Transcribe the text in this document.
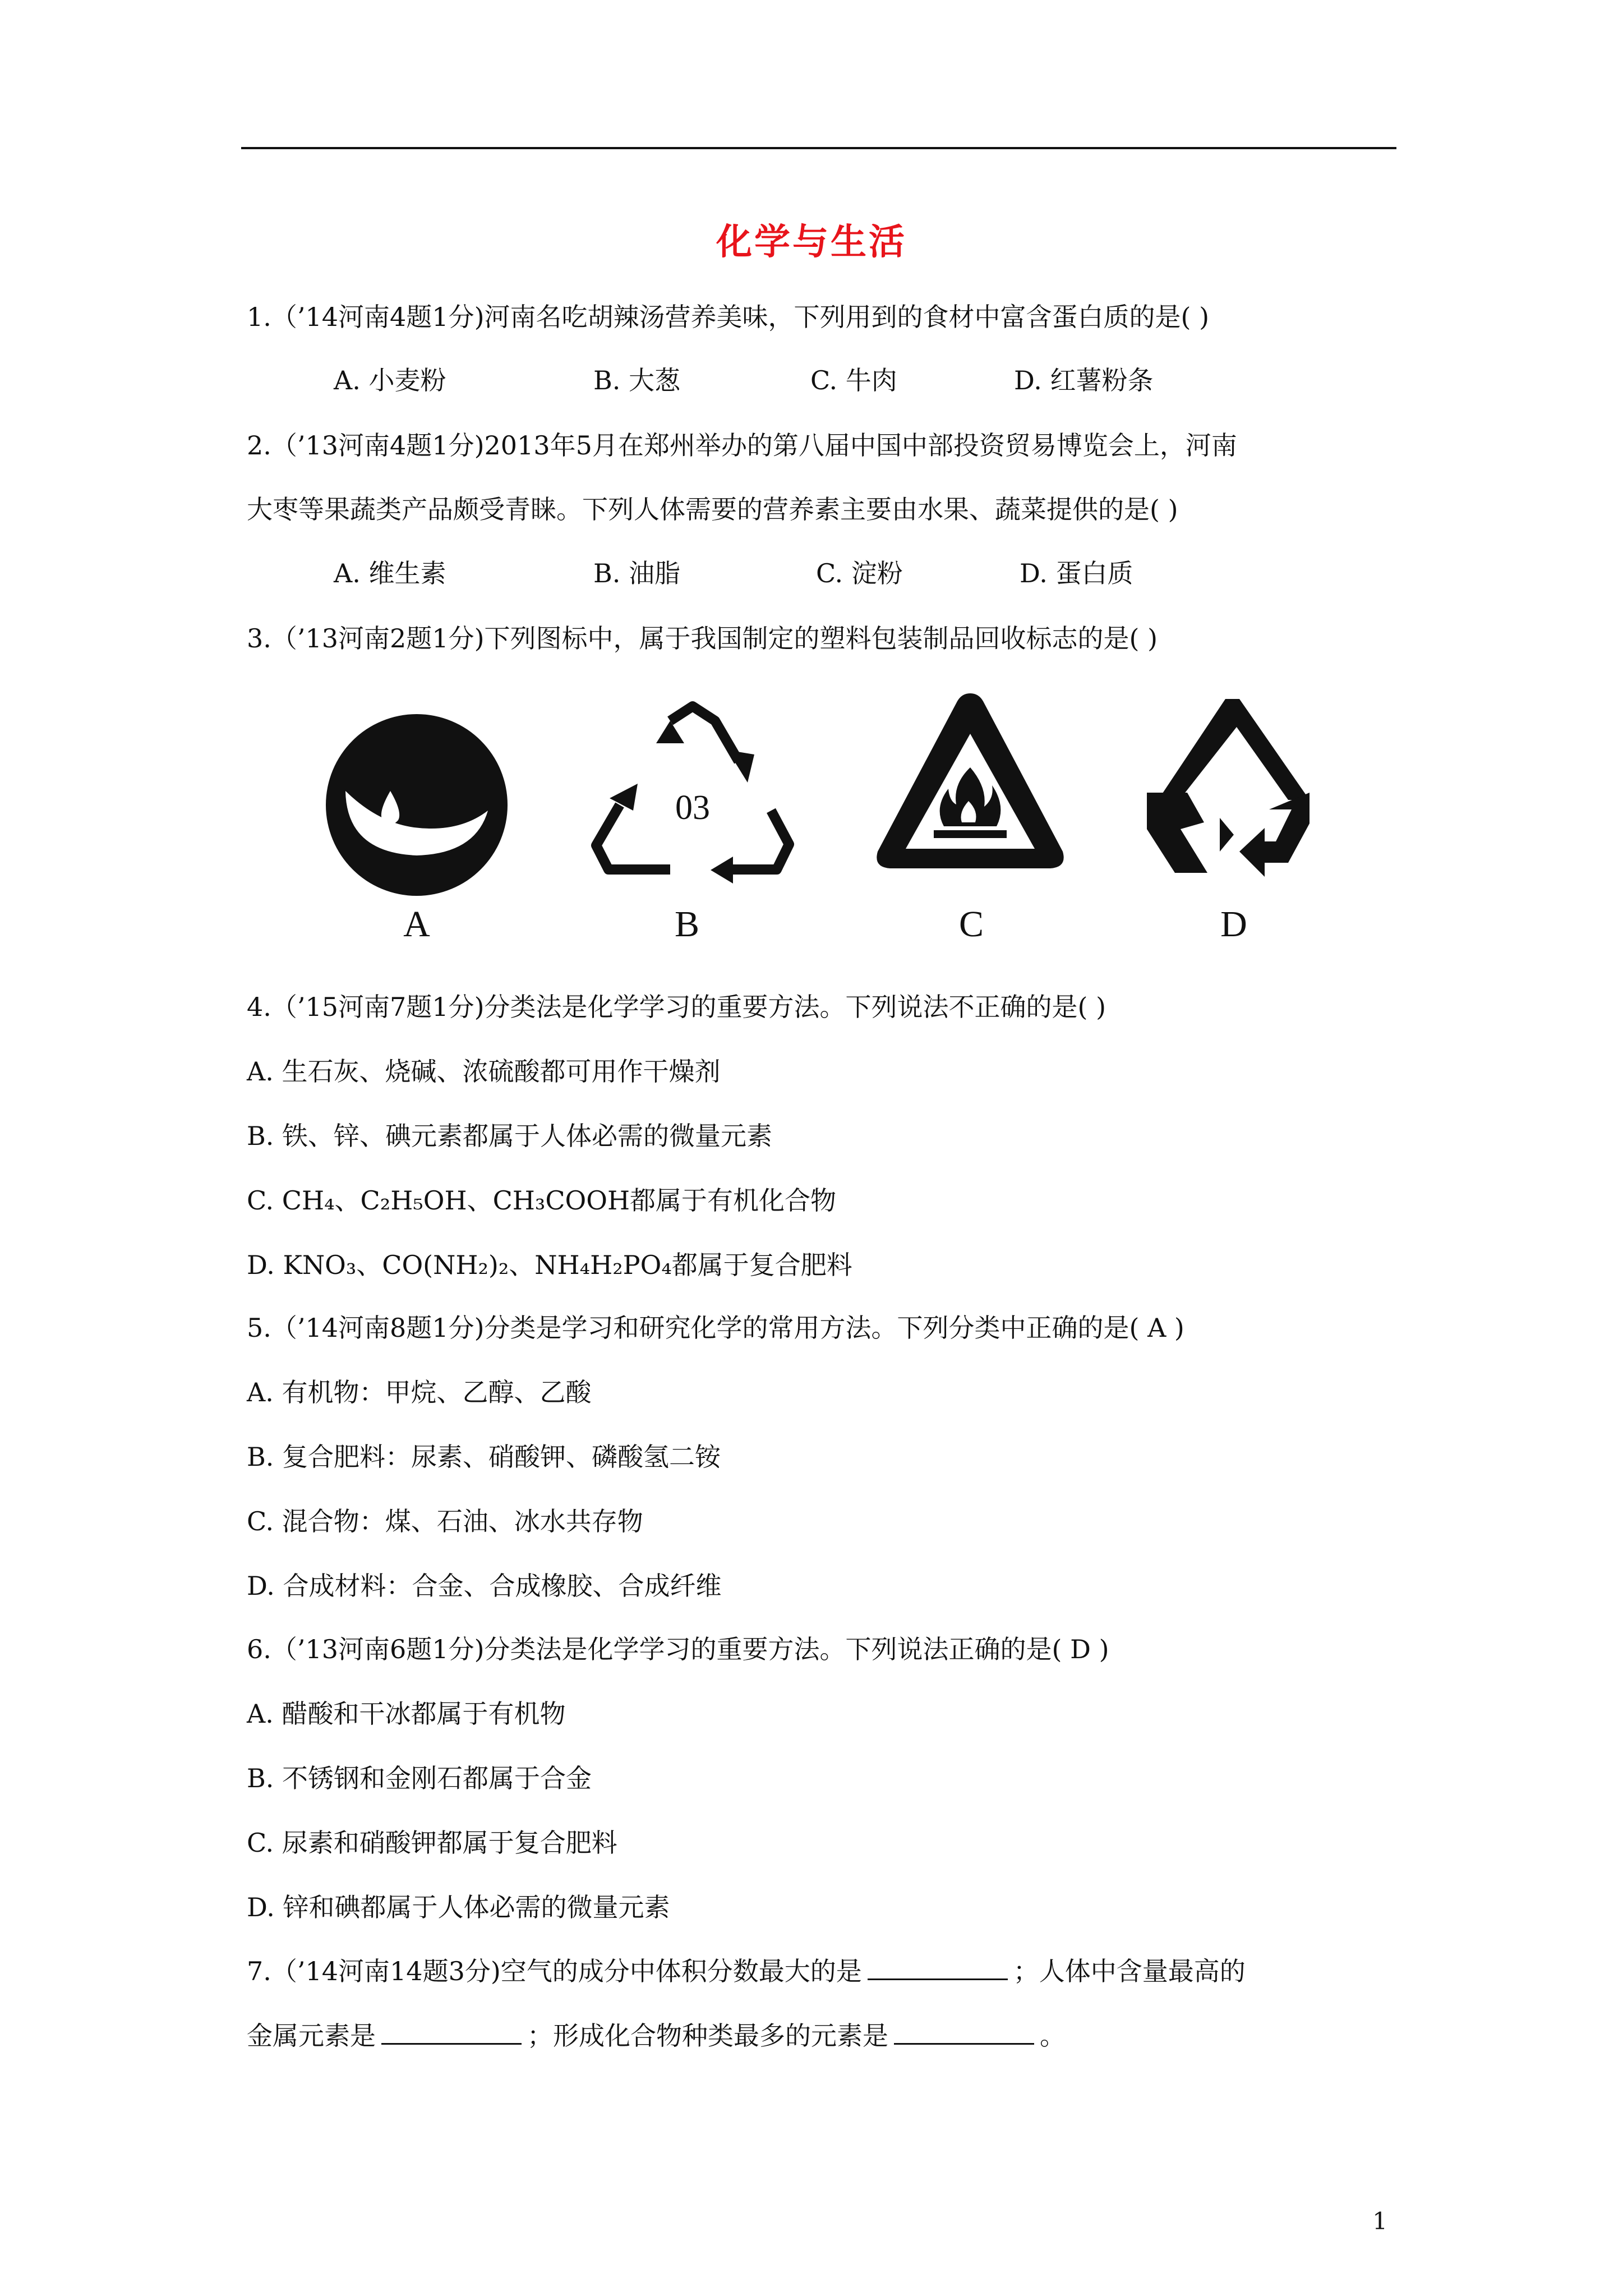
化学与生活
1.（’14河南4题1分)河南名吃胡辣汤营养美味，下列用到的食材中富含蛋白质的是( )
A. 小麦粉	B. 大葱	C. 牛肉	D. 红薯粉条
2.（’13河南4题1分)2013年5月在郑州举办的第八届中国中部投资贸易博览会上，河南
大枣等果蔬类产品颇受青睐。下列人体需要的营养素主要由水果、蔬菜提供的是( )
A. 维生素	B. 油脂	C. 淀粉	D. 蛋白质
3.（’13河南2题1分)下列图标中，属于我国制定的塑料包装制品回收标志的是( )
A
03
B	C	D
4.（’15河南7题1分)分类法是化学学习的重要方法。下列说法不正确的是( )
A. 生石灰、烧碱、浓硫酸都可用作干燥剂
B. 铁、锌、碘元素都属于人体必需的微量元素
C. CH₄、C₂H₅OH、CH₃COOH都属于有机化合物
D. KNO₃、CO(NH₂)₂、NH₄H₂PO₄都属于复合肥料
5.（’14河南8题1分)分类是学习和研究化学的常用方法。下列分类中正确的是( A )
A. 有机物：甲烷、乙醇、乙酸
B. 复合肥料：尿素、硝酸钾、磷酸氢二铵
C. 混合物：煤、石油、冰水共存物
D. 合成材料：合金、合成橡胶、合成纤维
6.（’13河南6题1分)分类法是化学学习的重要方法。下列说法正确的是( D )
A. 醋酸和干冰都属于有机物
B. 不锈钢和金刚石都属于合金
C. 尿素和硝酸钾都属于复合肥料
D. 锌和碘都属于人体必需的微量元素
7.（’14河南14题3分)空气的成分中体积分数最大的是	；人体中含量最高的
金属元素是	；形成化合物种类最多的元素是	。
1
